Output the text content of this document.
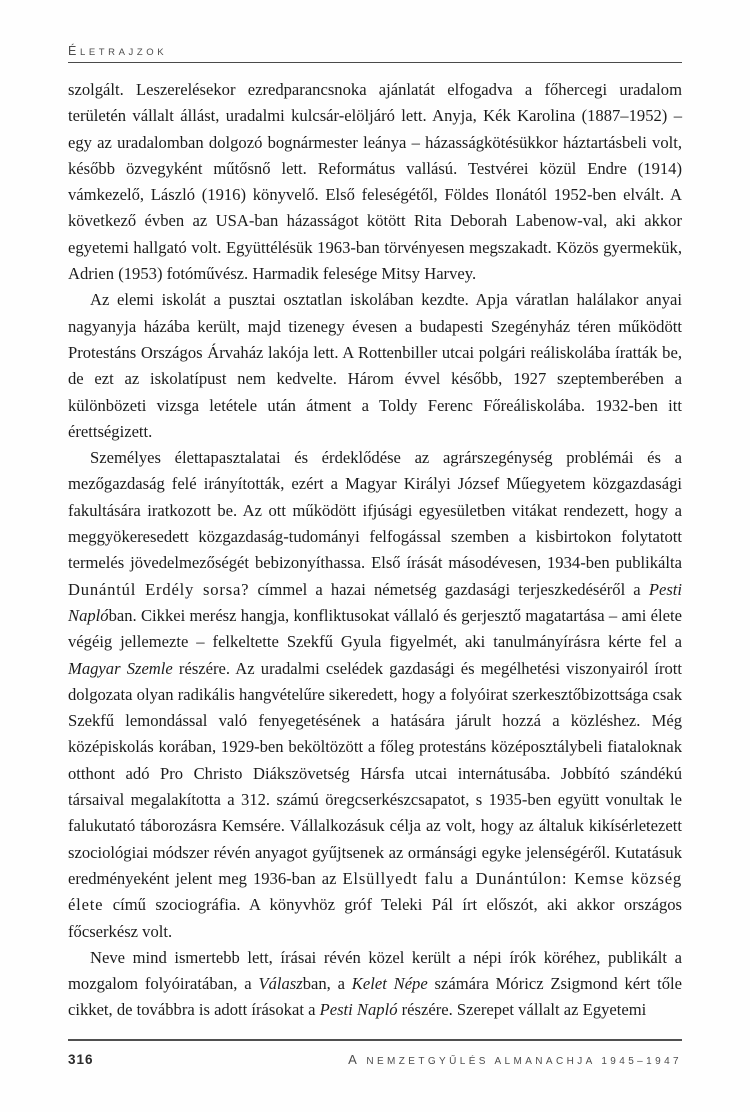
ÉLETRAJZOK

szolgált. Leszerelésekor ezredparancsnoka ajánlatát elfogadva a főhercegi uradalom területén vállalt állást, uradalmi kulcsár-elöljáró lett. Anyja, Kék Karolina (1887–1952) – egy az uradalomban dolgozó bognármester leánya – házasságkötésükkor háztartásbeli volt, később özvegyként műtősnő lett. Református vallású. Testvérei közül Endre (1914) vámkezelő, László (1916) könyvelő. Első feleségétől, Földes Ilonától 1952-ben elvált. A következő évben az USA-ban házasságot kötött Rita Deborah Labenow-val, aki akkor egyetemi hallgató volt. Együttélésük 1963-ban törvényesen megszakadt. Közös gyermekük, Adrien (1953) fotóművész. Harmadik felesége Mitsy Harvey.

Az elemi iskolát a pusztai osztatlan iskolában kezdte. Apja váratlan halálakor anyai nagyanyja házába került, majd tizenegy évesen a budapesti Szegényház téren működött Protestáns Országos Árvaház lakója lett. A Rottenbiller utcai polgári reáliskolába íratták be, de ezt az iskolatípust nem kedvelte. Három évvel később, 1927 szeptemberében a különbözeti vizsga letétele után átment a Toldy Ferenc Főreáliskolába. 1932-ben itt érettségizett.

Személyes élettapasztalatai és érdeklődése az agrárszegénység problémái és a mezőgazdaság felé irányították, ezért a Magyar Királyi József Műegyetem közgazdasági fakultására iratkozott be. Az ott működött ifjúsági egyesületben vitákat rendezett, hogy a meggyökeresedett közgazdaság-tudományi felfogással szemben a kisbirtokon folytatott termelés jövedelmezőségét bebizonyíthassa. Első írását másodévesen, 1934-ben publikálta Dunántúl Erdély sorsa? címmel a hazai németség gazdasági terjeszkedéséről a Pesti Naplóban. Cikkei merész hangja, konfliktusokat vállaló és gerjesztő magatartása – ami élete végéig jellemezte – felkeltette Szekfű Gyula figyelmét, aki tanulmányírásra kérte fel a Magyar Szemle részére. Az uradalmi cselédek gazdasági és megélhetési viszonyairól írott dolgozata olyan radikális hangvételűre sikeredett, hogy a folyóirat szerkesztőbizottsága csak Szekfű lemondással való fenyegetésének a hatására járult hozzá a közléshez. Még középiskolás korában, 1929-ben beköltözött a főleg protestáns középosztálybeli fiataloknak otthont adó Pro Christo Diákszövetség Hársfa utcai internátusába. Jobbító szándékú társaival megalakította a 312. számú öregcserkészcsapatot, s 1935-ben együtt vonultak le falukutató táborozásra Kemsére. Vállalkozásuk célja az volt, hogy az általuk kikísérletezett szociológiai módszer révén anyagot gyűjtsenek az ormánsági egyke jelenségéről. Kutatásuk eredményeként jelent meg 1936-ban az Elsüllyedt falu a Dunántúlon: Kemse község élete című szociográfia. A könyvhöz gróf Teleki Pál írt előszót, aki akkor országos főcserkész volt.

Neve mind ismertebb lett, írásai révén közel került a népi írók köréhez, publikált a mozgalom folyóiratában, a Válaszban, a Kelet Népe számára Móricz Zsigmond kért tőle cikket, de továbbra is adott írásokat a Pesti Napló részére. Szerepet vállalt az Egyetemi

316	A NEMZETGYŰLÉS ALMANACHJA 1945–1947
